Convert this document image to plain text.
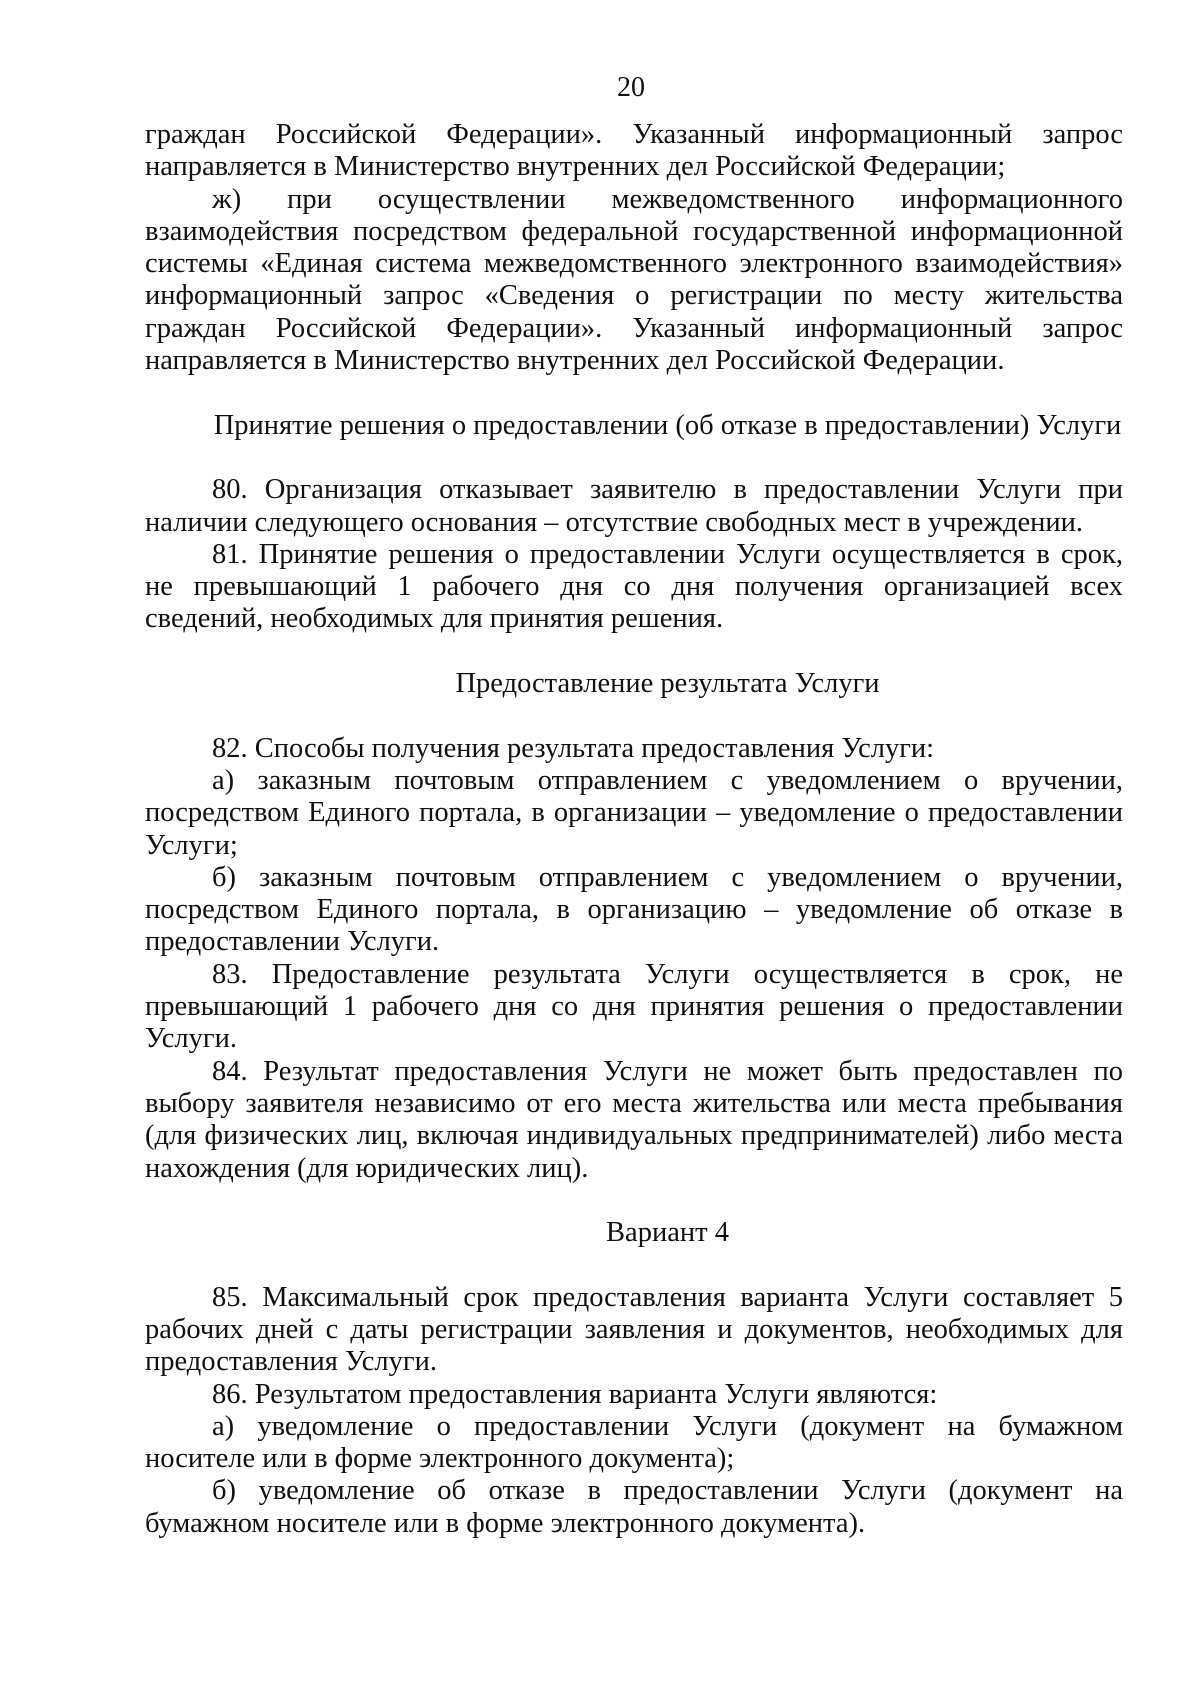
20

граждан Российской Федерации». Указанный информационный запрос направляется в Министерство внутренних дел Российской Федерации;

ж) при осуществлении межведомственного информационного взаимодействия посредством федеральной государственной информационной системы «Единая система межведомственного электронного взаимодействия» информационный запрос «Сведения о регистрации по месту жительства граждан Российской Федерации». Указанный информационный запрос направляется в Министерство внутренних дел Российской Федерации.

Принятие решения о предоставлении (об отказе в предоставлении) Услуги

80. Организация отказывает заявителю в предоставлении Услуги при наличии следующего основания – отсутствие свободных мест в учреждении.

81. Принятие решения о предоставлении Услуги осуществляется в срок, не превышающий 1 рабочего дня со дня получения организацией всех сведений, необходимых для принятия решения.

Предоставление результата Услуги

82. Способы получения результата предоставления Услуги:

а) заказным почтовым отправлением с уведомлением о вручении, посредством Единого портала, в организации – уведомление о предоставлении Услуги;

б) заказным почтовым отправлением с уведомлением о вручении, посредством Единого портала, в организацию – уведомление об отказе в предоставлении Услуги.

83. Предоставление результата Услуги осуществляется в срок, не превышающий 1 рабочего дня со дня принятия решения о предоставлении Услуги.

84. Результат предоставления Услуги не может быть предоставлен по выбору заявителя независимо от его места жительства или места пребывания (для физических лиц, включая индивидуальных предпринимателей) либо места нахождения (для юридических лиц).

Вариант 4

85. Максимальный срок предоставления варианта Услуги составляет 5 рабочих дней с даты регистрации заявления и документов, необходимых для предоставления Услуги.

86. Результатом предоставления варианта Услуги являются:

а) уведомление о предоставлении Услуги (документ на бумажном носителе или в форме электронного документа);

б) уведомление об отказе в предоставлении Услуги (документ на бумажном носителе или в форме электронного документа).
